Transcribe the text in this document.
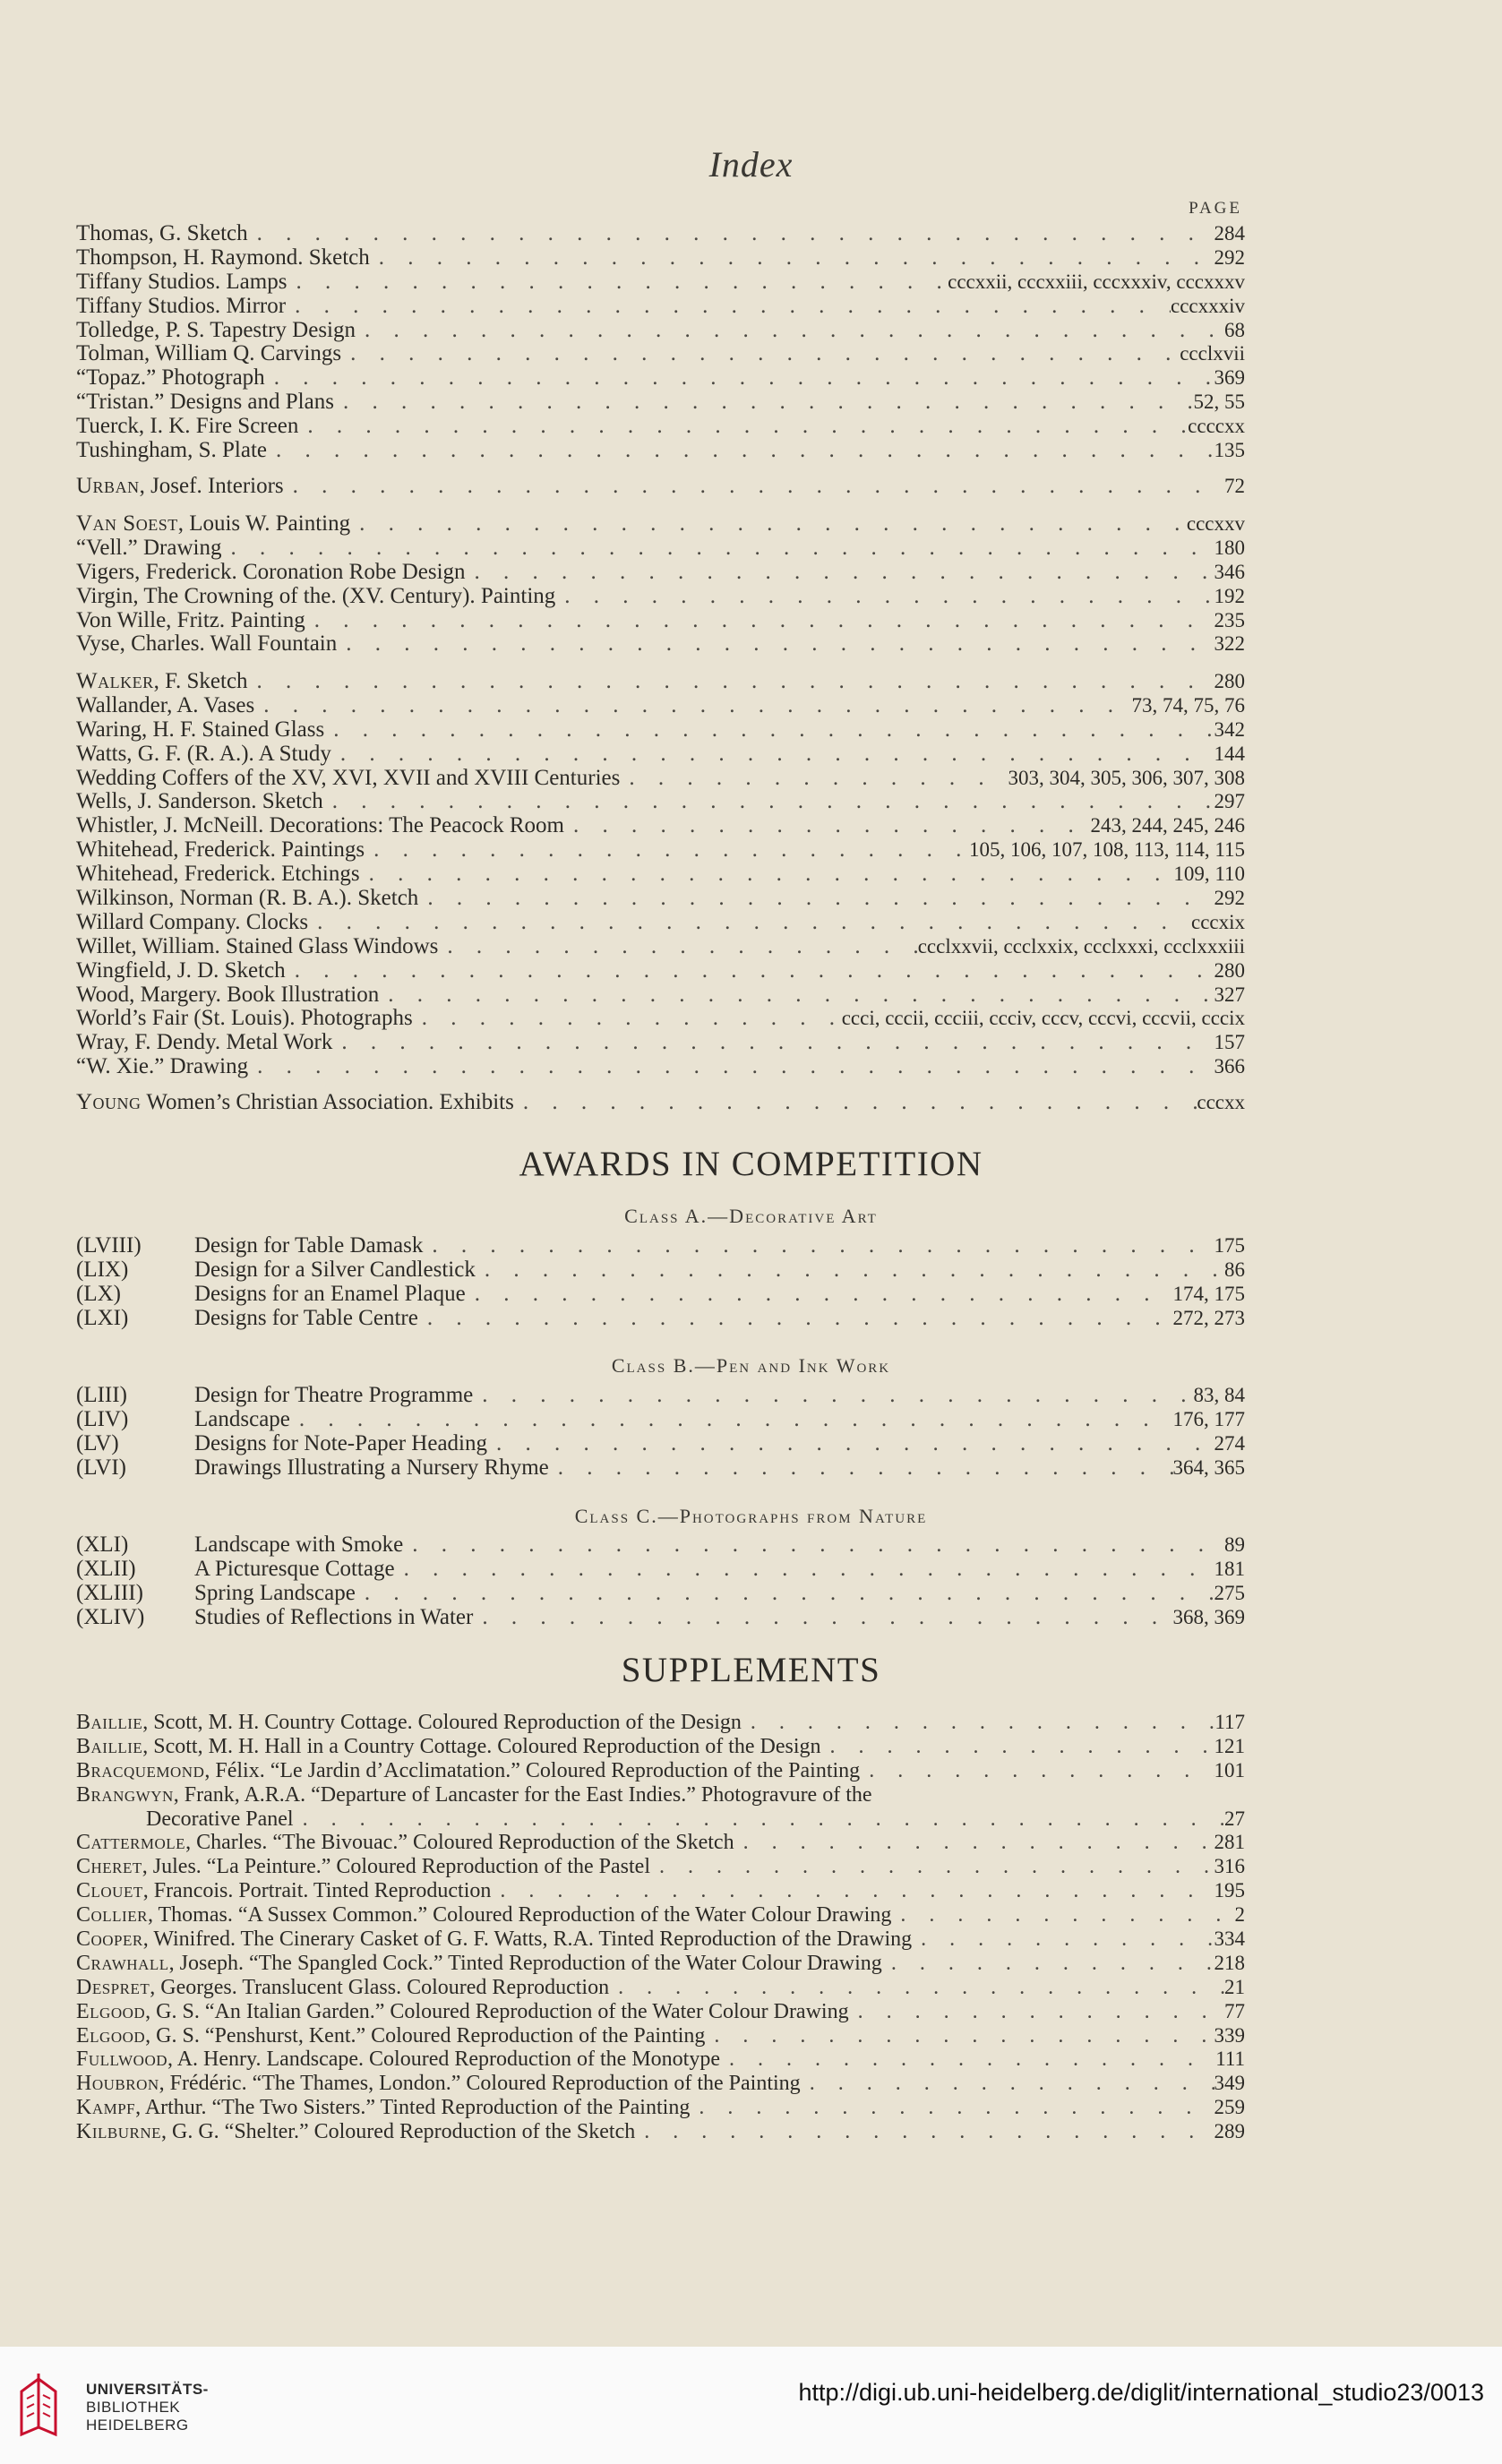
Index
PAGE
Thomas, G. Sketch . . .	284
Thompson, H. Raymond. Sketch . . .	292
Tiffany Studios. Lamps . . .	cccxxii, cccxxiii, cccxxxiv, cccxxxv
Tiffany Studios. Mirror . . .	cccxxxiv
Tolledge, P. S. Tapestry Design . . .	68
Tolman, William Q. Carvings . . .	ccclxvii
“Topaz.” Photograph . . .	369
“Tristan.” Designs and Plans . . .	52, 55
Tuerck, I. K. Fire Screen . . .	ccccxx
Tushingham, S. Plate . . .	135
Urban, Josef. Interiors . . .	72
Van Soest, Louis W. Painting . . .	cccxxv
“Vell.” Drawing . . .	180
Vigers, Frederick. Coronation Robe Design . . .	346
Virgin, The Crowning of the. (XV. Century). Painting . . .	192
Von Wille, Fritz. Painting . . .	235
Vyse, Charles. Wall Fountain . . .	322
Walker, F. Sketch . . .	280
Wallander, A. Vases . . .	73, 74, 75, 76
Waring, H. F. Stained Glass . . .	342
Watts, G. F. (R. A.). A Study . . .	144
Wedding Coffers of the XV, XVI, XVII and XVIII Centuries . . .	303, 304, 305, 306, 307, 308
Wells, J. Sanderson. Sketch . . .	297
Whistler, J. McNeill. Decorations: The Peacock Room . . .	243, 244, 245, 246
Whitehead, Frederick. Paintings . . .	105, 106, 107, 108, 113, 114, 115
Whitehead, Frederick. Etchings . . .	109, 110
Wilkinson, Norman (R. B. A.). Sketch . . .	292
Willard Company. Clocks . . .	cccxix
Willet, William. Stained Glass Windows . . .	ccclxxvii, ccclxxix, ccclxxxi, ccclxxxiii
Wingfield, J. D. Sketch . . .	280
Wood, Margery. Book Illustration . . .	327
World’s Fair (St. Louis). Photographs . . .	ccci, cccii, ccciii, ccciv, cccv, cccvi, cccvii, cccix
Wray, F. Dendy. Metal Work . . .	157
“W. Xie.” Drawing . . .	366
Young Women’s Christian Association. Exhibits . . .	cccxx
AWARDS IN COMPETITION
Class A.—Decorative Art
(LVIII)	Design for Table Damask . . .	175
(LIX)	Design for a Silver Candlestick . . .	86
(LX)	Designs for an Enamel Plaque . . .	174, 175
(LXI)	Designs for Table Centre . . .	272, 273
Class B.—Pen and Ink Work
(LIII)	Design for Theatre Programme . . .	83, 84
(LIV)	Landscape . . .	176, 177
(LV)	Designs for Note-Paper Heading . . .	274
(LVI)	Drawings Illustrating a Nursery Rhyme . . .	364, 365
Class C.—Photographs from Nature
(XLI)	Landscape with Smoke . . .	89
(XLII)	A Picturesque Cottage . . .	181
(XLIII)	Spring Landscape . . .	275
(XLIV)	Studies of Reflections in Water . . .	368, 369
SUPPLEMENTS
Baillie, Scott, M. H. Country Cottage. Coloured Reproduction of the Design . . .	117
Baillie, Scott, M. H. Hall in a Country Cottage. Coloured Reproduction of the Design . . .	121
Bracquemond, Félix. “Le Jardin d’Acclimatation.” Coloured Reproduction of the Painting . . .	101
Brangwyn, Frank, A.R.A. “Departure of Lancaster for the East Indies.” Photogravure of the
Decorative Panel . . .	27
Cattermole, Charles. “The Bivouac.” Coloured Reproduction of the Sketch . . .	281
Cheret, Jules. “La Peinture.” Coloured Reproduction of the Pastel . . .	316
Clouet, Francois. Portrait. Tinted Reproduction . . .	195
Collier, Thomas. “A Sussex Common.” Coloured Reproduction of the Water Colour Drawing . . .	2
Cooper, Winifred. The Cinerary Casket of G. F. Watts, R.A. Tinted Reproduction of the Drawing . . .	334
Crawhall, Joseph. “The Spangled Cock.” Tinted Reproduction of the Water Colour Drawing . . .	218
Despret, Georges. Translucent Glass. Coloured Reproduction . . .	21
Elgood, G. S. “An Italian Garden.” Coloured Reproduction of the Water Colour Drawing . . .	77
Elgood, G. S. “Penshurst, Kent.” Coloured Reproduction of the Painting . . .	339
Fullwood, A. Henry. Landscape. Coloured Reproduction of the Monotype . . .	111
Houbron, Frédéric. “The Thames, London.” Coloured Reproduction of the Painting . . .	349
Kampf, Arthur. “The Two Sisters.” Tinted Reproduction of the Painting . . .	259
Kilburne, G. G. “Shelter.” Coloured Reproduction of the Sketch . . .	289
UNIVERSITÄTS-
BIBLIOTHEK
HEIDELBERG
http://digi.ub.uni-heidelberg.de/diglit/international_studio23/0013
